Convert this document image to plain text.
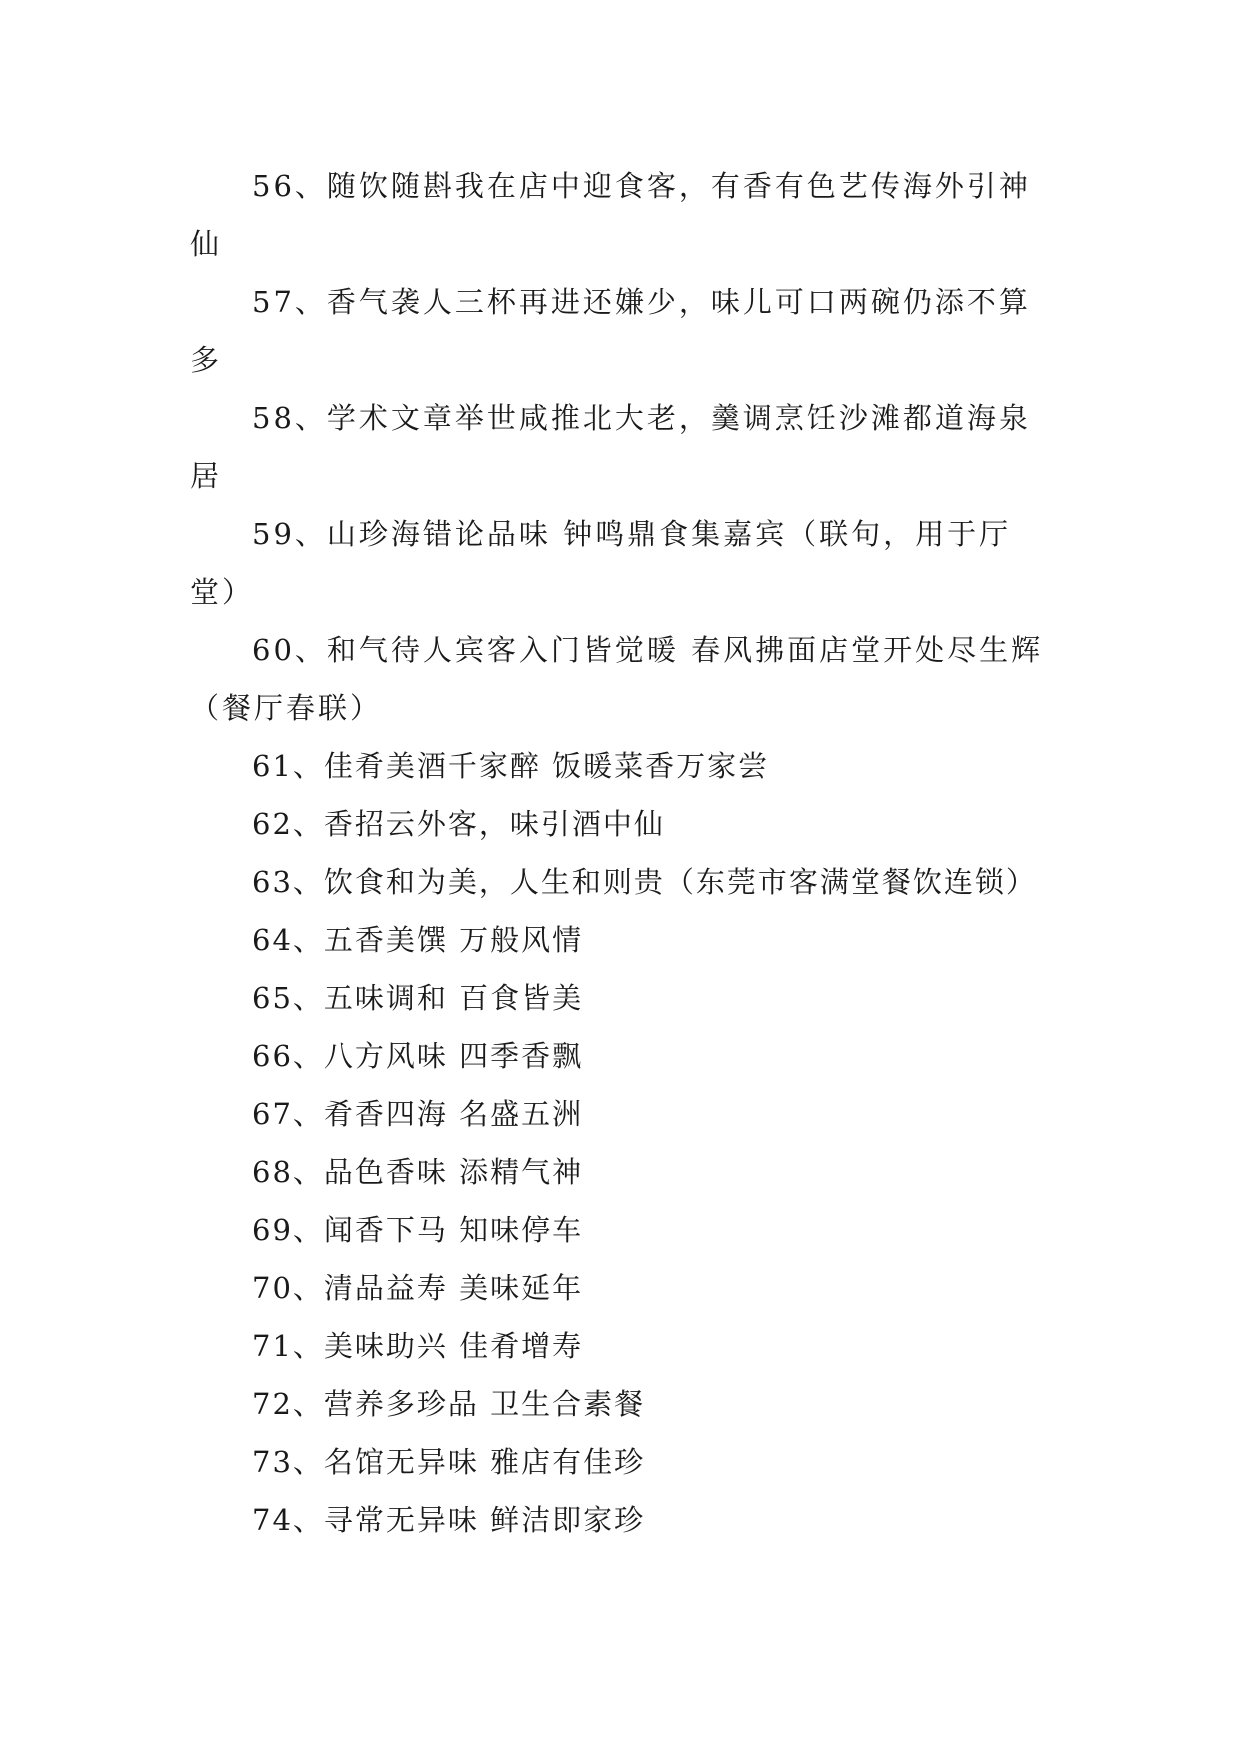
56、随饮随斟我在店中迎食客，有香有色艺传海外引神仙

57、香气袭人三杯再进还嫌少，味儿可口两碗仍添不算多

58、学术文章举世咸推北大老，羹调烹饪沙滩都道海泉居

59、山珍海错论品味 钟鸣鼎食集嘉宾（联句，用于厅堂）

60、和气待人宾客入门皆觉暖 春风拂面店堂开处尽生辉（餐厅春联）

61、佳肴美酒千家醉 饭暖菜香万家尝

62、香招云外客，味引酒中仙

63、饮食和为美，人生和则贵（东莞市客满堂餐饮连锁）

64、五香美馔 万般风情

65、五味调和 百食皆美

66、八方风味 四季香飘

67、肴香四海 名盛五洲

68、品色香味 添精气神

69、闻香下马 知味停车

70、清品益寿 美味延年

71、美味助兴 佳肴增寿

72、营养多珍品 卫生合素餐

73、名馆无异味 雅店有佳珍

74、寻常无异味 鲜洁即家珍
